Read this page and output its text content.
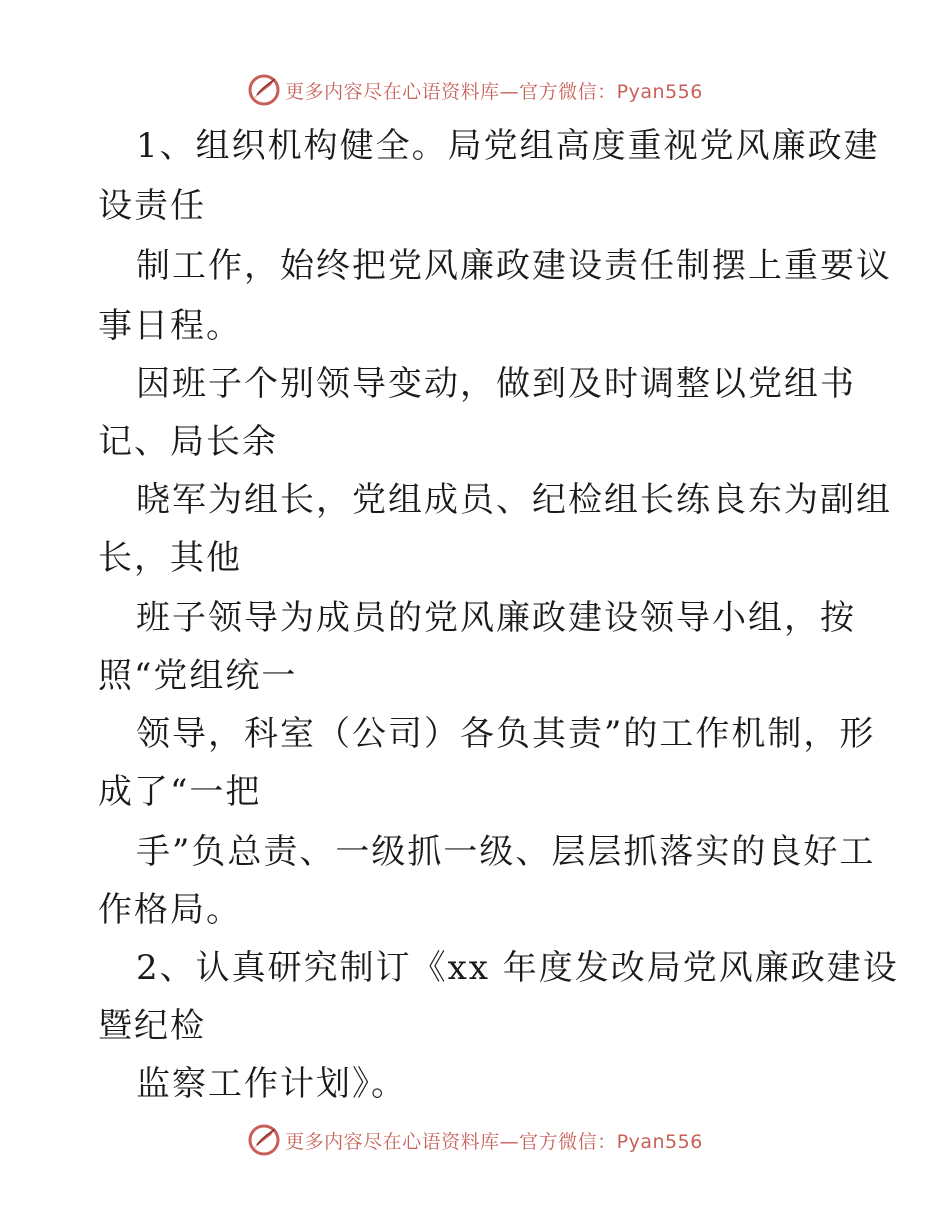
更多内容尽在心语资料库—官方微信：Pyan556
1、组织机构健全。局党组高度重视党风廉政建
设责任
制工作，始终把党风廉政建设责任制摆上重要议
事日程。
因班子个别领导变动，做到及时调整以党组书
记、局长余
晓军为组长，党组成员、纪检组长练良东为副组
长，其他
班子领导为成员的党风廉政建设领导小组，按
照“党组统一
领导，科室（公司）各负其责”的工作机制，形
成了“一把
手”负总责、一级抓一级、层层抓落实的良好工
作格局。
2、认真研究制订《xx 年度发改局党风廉政建设
暨纪检
监察工作计划》。
更多内容尽在心语资料库—官方微信：Pyan556
